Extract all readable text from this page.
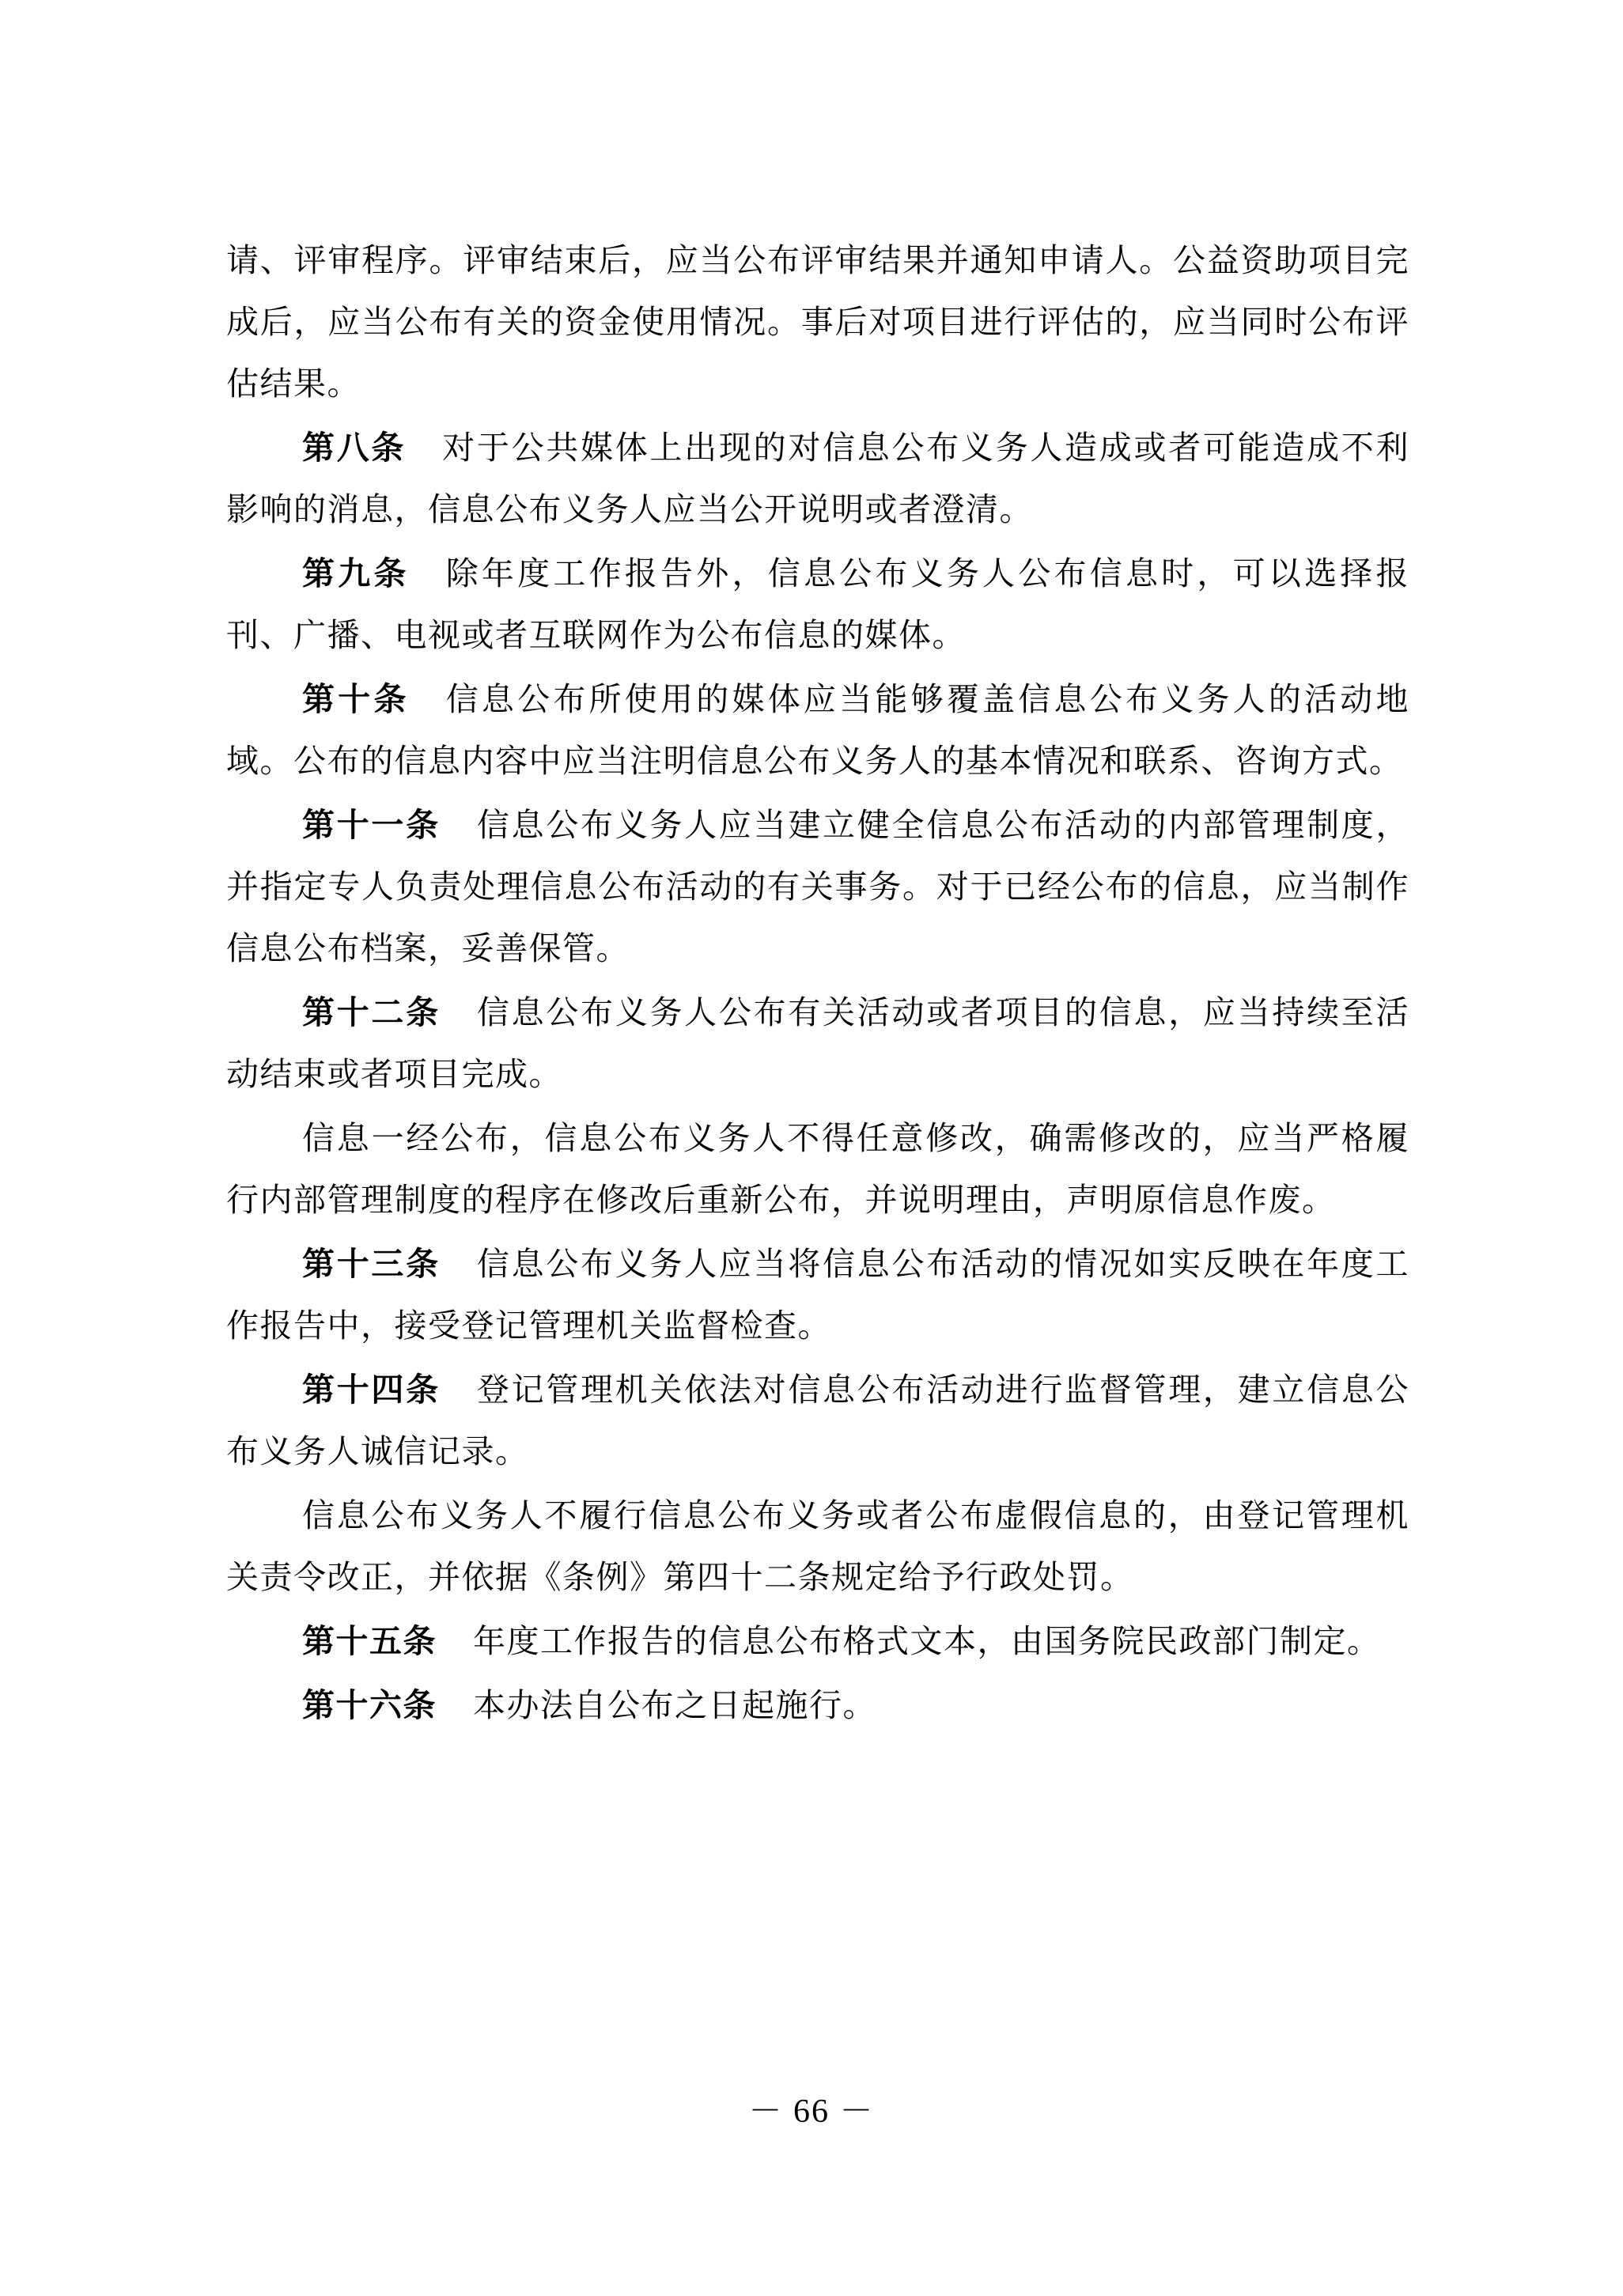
请、评审程序。评审结束后，应当公布评审结果并通知申请人。公益资助项目完成后，应当公布有关的资金使用情况。事后对项目进行评估的，应当同时公布评估结果。

第八条 对于公共媒体上出现的对信息公布义务人造成或者可能造成不利影响的消息，信息公布义务人应当公开说明或者澄清。

第九条 除年度工作报告外，信息公布义务人公布信息时，可以选择报刊、广播、电视或者互联网作为公布信息的媒体。

第十条 信息公布所使用的媒体应当能够覆盖信息公布义务人的活动地域。公布的信息内容中应当注明信息公布义务人的基本情况和联系、咨询方式。

第十一条 信息公布义务人应当建立健全信息公布活动的内部管理制度，并指定专人负责处理信息公布活动的有关事务。对于已经公布的信息，应当制作信息公布档案，妥善保管。

第十二条 信息公布义务人公布有关活动或者项目的信息，应当持续至活动结束或者项目完成。

信息一经公布，信息公布义务人不得任意修改，确需修改的，应当严格履行内部管理制度的程序在修改后重新公布，并说明理由，声明原信息作废。

第十三条 信息公布义务人应当将信息公布活动的情况如实反映在年度工作报告中，接受登记管理机关监督检查。

第十四条 登记管理机关依法对信息公布活动进行监督管理，建立信息公布义务人诚信记录。

信息公布义务人不履行信息公布义务或者公布虚假信息的，由登记管理机关责令改正，并依据《条例》第四十二条规定给予行政处罚。

第十五条 年度工作报告的信息公布格式文本，由国务院民政部门制定。

第十六条 本办法自公布之日起施行。

－ 66 －
